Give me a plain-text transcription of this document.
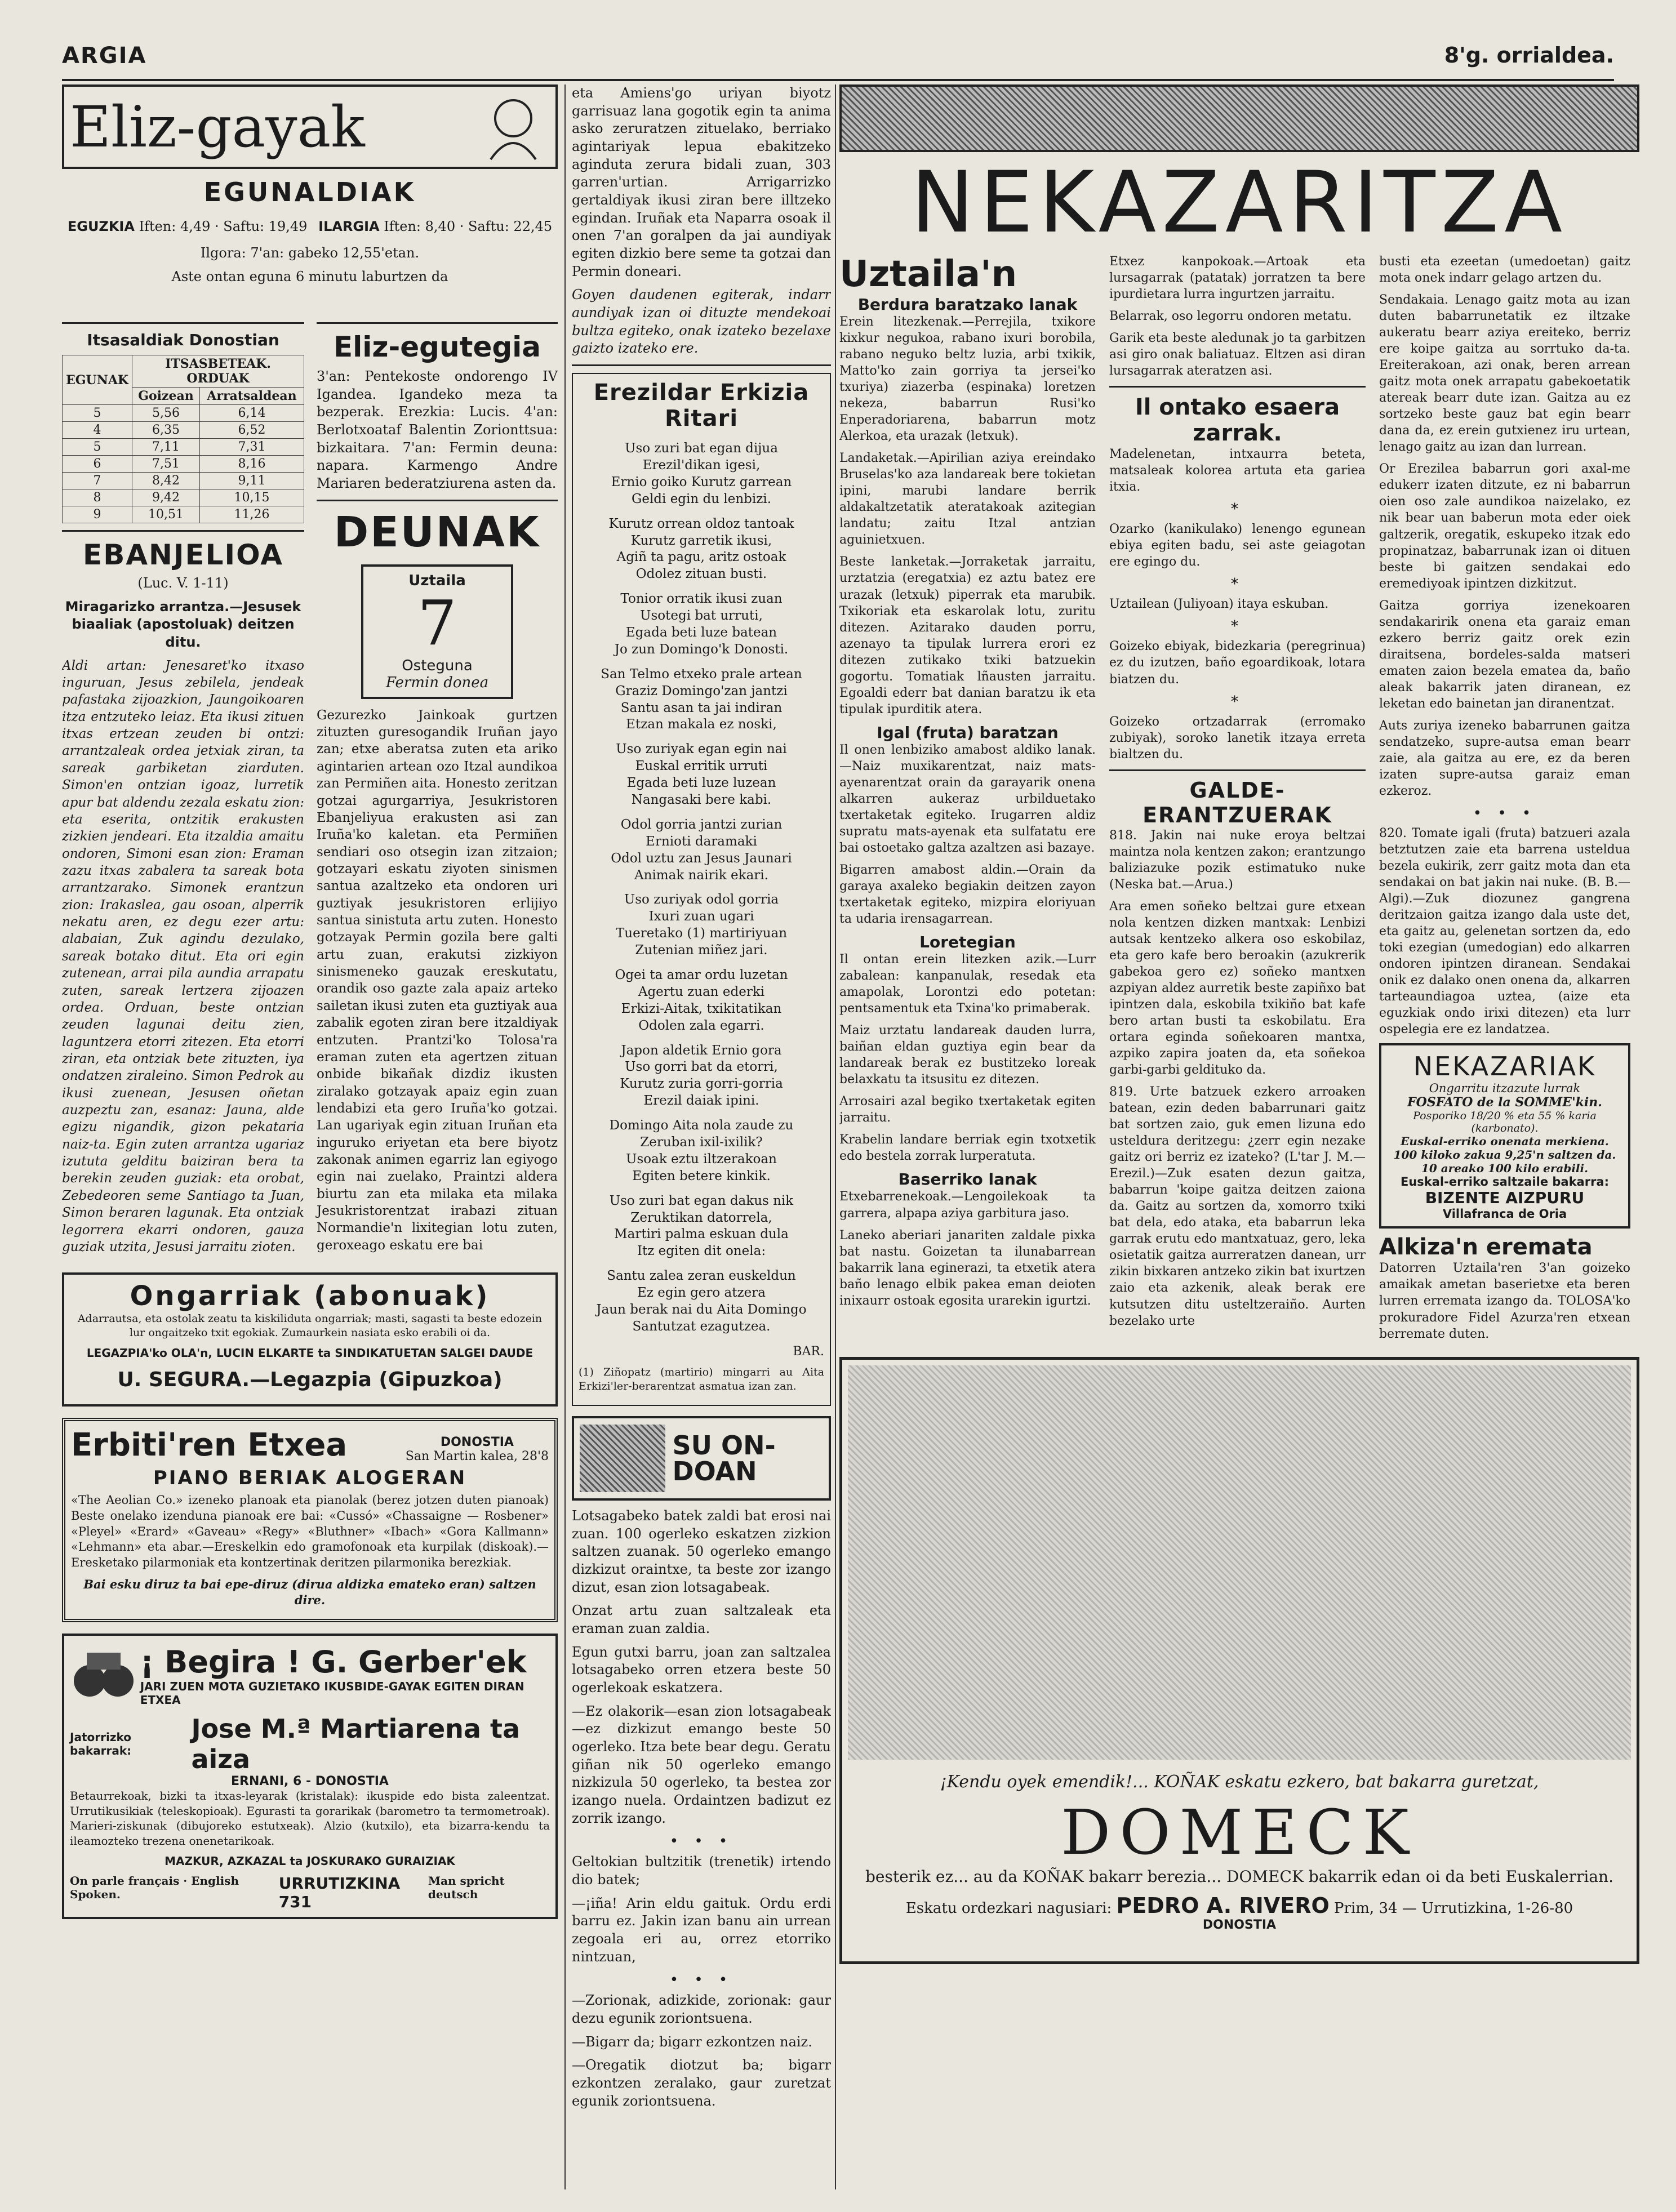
ARGIA	8'g. orrialdea.
Eliz-gayak
EGUNALDIAK
EGUZKIA Iften: 4,49 · Saftu: 19,49 ILARGIA Iften: 8,40 · Saftu: 22,45

Ilgora: 7'an: gabeko 12,55'etan.

Aste ontan eguna 6 minutu laburtzen da

Itsasaldiak Donostian
EGUNAK	ITSASBETEAK. ORDUAK	
	Goizean	Arratsaldean
5	5,56	6,14
4	6,35	6,52
5	7,11	7,31
6	7,51	8,16
7	8,42	9,11
8	9,42	10,15
9	10,51	11,26
EBANJELIOA

(Luc. V. 1-11)

Miragarizko arrantza.—Jesusek biaaliak (apostoluak) deitzen ditu.

Aldi artan: Jenesaret'ko itxaso inguruan, Jesus zebilela, jendeak pafastaka zijoazkion, Jaungoikoaren itza entzuteko leiaz. Eta ikusi zituen itxas ertzean zeuden bi ontzi: arrantzaleak ordea jetxiak ziran, ta sareak garbiketan ziarduten. Simon'en ontzian igoaz, lurretik apur bat aldendu zezala eskatu zion: eta eserita, ontzitik erakusten zizkien jendeari. Eta itzaldia amaitu ondoren, Simoni esan zion: Eraman zazu itxas zabalera ta sareak bota arrantzarako. Simonek erantzun zion: Irakaslea, gau osoan, alperrik nekatu aren, ez degu ezer artu: alabaian, Zuk agindu dezulako, sareak botako ditut. Eta ori egin zutenean, arrai pila aundia arrapatu zuten, sareak lertzera zijoazen ordea. Orduan, beste ontzian zeuden lagunai deitu zien, laguntzera etorri zitezen. Eta etorri ziran, eta ontziak bete zituzten, iya ondatzen ziraleino. Simon Pedrok au ikusi zuenean, Jesusen oñetan auzpeztu zan, esanaz: Jauna, alde egizu nigandik, gizon pekataria naiz-ta. Egin zuten arrantza ugariaz izututa gelditu baiziran bera ta berekin zeuden guziak: eta orobat, Zebedeoren seme Santiago ta Juan, Simon beraren lagunak. Eta ontziak legorrera ekarri ondoren, gauza guziak utzita, Jesusi jarraitu zioten.

Eliz-egutegia

3'an: Pentekoste ondorengo IV Igandea. Igandeko meza ta bezperak. Erezkia: Lucis. 4'an: Berlotxoataf Balentin Zorionttsua: bizkaitara. 7'an: Fermin deuna: napara. Karmengo Andre Mariaren bederatziurena asten da.

DEUNAK
Uztaila
7
Osteguna
Fermin donea

Gezurezko Jainkoak gurtzen zituzten guresogandik Iruñan jayo zan; etxe aberatsa zuten eta ariko agintarien artean ozo Itzal aundikoa zan Permiñen aita. Honesto zeritzan gotzai agurgarriya, Jesukristoren Ebanjeliyua erakusten asi zan Iruña'ko kaletan. eta Permiñen sendiari oso otsegin izan zitzaion; gotzayari eskatu ziyoten sinismen santua azaltzeko eta ondoren uri guztiyak jesukristoren erlijiyo santua sinistuta artu zuten. Honesto gotzayak Permin gozila bere galti artu zuan, erakutsi zizkiyon sinismeneko gauzak ereskutatu, orandik oso gazte zala apaiz arteko sailetan ikusi zuten eta guztiyak aua zabalik egoten ziran bere itzaldiyak entzuten. Prantzi'ko Tolosa'ra eraman zuten eta agertzen zituan onbide bikañak dizdiz ikusten ziralako gotzayak apaiz egin zuan lendabizi eta gero Iruña'ko gotzai. Lan ugariyak egin zituan Iruñan eta inguruko eriyetan eta bere biyotz zakonak animen egarriz lan egiyogo egin nai zuelako, Praintzi aldera biurtu zan eta milaka eta milaka Jesukristorentzat irabazi zituan Normandie'n lixitegian lotu zuten, geroxeago eskatu ere bai

Ongarriak (abonuak)

Adarrautsa, eta ostolak zeatu ta kiskiliduta ongarriak; masti, sagasti ta beste edozein lur ongaitzeko txit egokiak. Zumaurkein nasiata esko erabili oi da.

LEGAZPIA'ko OLA'n, LUCIN ELKARTE ta SINDIKATUETAN SALGEI DAUDE

U. SEGURA.—Legazpia (Gipuzkoa)

Erbiti'ren Etxea	DONOSTIA
San Martin kalea, 28'8
PIANO BERIAK ALOGERAN

«The Aeolian Co.» izeneko planoak eta pianolak (berez jotzen duten pianoak) Beste onelako izenduna pianoak ere bai: «Cussó» «Chassaigne — Rosbener» «Pleyel» «Erard» «Gaveau» «Regy» «Bluthner» «Ibach» «Gora Kallmann» «Lehmann» eta abar.—Ereskelkin edo gramofonoak eta kurpilak (diskoak).—Eresketako pilarmoniak eta kontzertinak deritzen pilarmonika berezkiak.

Bai esku diruz ta bai epe-diruz (dirua aldizka emateko eran) saltzen dire.

¡ Begira ! G. Gerber'ek
JARI ZUEN MOTA GUZIETAKO IKUSBIDE-GAYAK EGITEN DIRAN ETXEA
Jatorrizko bakarrak:
Jose M.ª Martiarena ta aiza
ERNANI, 6 - DONOSTIA

Betaurrekoak, bizki ta itxas-leyarak (kristalak): ikuspide edo bista zaleentzat. Urrutikusikiak (teleskopioak). Egurasti ta gorarikak (barometro ta termometroak). Marieri-ziskunak (dibujoreko estutxeak). Alzio (kutxilo), eta bizarra-kendu ta ileamozteko trezena onenetarikoak.

MAZKUR, AZKAZAL ta JOSKURAKO GURAIZIAK

On parle français · English Spoken.
URRUTIZKINA 731
Man spricht deutsch

eta Amiens'go uriyan biyotz garrisuaz lana gogotik egin ta anima asko zeruratzen zituelako, berriako agintariyak lepua ebakitzeko aginduta zerura bidali zuan, 303 garren'urtian. Arrigarrizko gertaldiyak ikusi ziran bere illtzeko egindan. Iruñak eta Naparra osoak il onen 7'an goralpen da jai aundiyak egiten dizkio bere seme ta gotzai dan Permin doneari.

Goyen daudenen egiterak, indarr aundiyak izan oi dituzte mendekoai bultza egiteko, onak izateko bezelaxe gaizto izateko ere.

Erezildar Erkizia Ritari

Uso zuri bat egan dijua

Erezil'dikan igesi,

Ernio goiko Kurutz garrean

Geldi egin du lenbizi.

Kurutz orrean oldoz tantoak

Kurutz garretik ikusi,

Agiñ ta pagu, aritz ostoak

Odolez zituan busti.

Tonior orratik ikusi zuan

Usotegi bat urruti,

Egada beti luze batean

Jo zun Domingo'k Donosti.

San Telmo etxeko prale artean

Graziz Domingo'zan jantzi

Santu asan ta jai indiran

Etzan makala ez noski,

Uso zuriyak egan egin nai

Euskal erritik urruti

Egada beti luze luzean

Nangasaki bere kabi.

Odol gorria jantzi zurian

Ernioti daramaki

Odol uztu zan Jesus Jaunari

Animak nairik ekari.

Uso zuriyak odol gorria

Ixuri zuan ugari

Tueretako (1) martiriyuan

Zutenian miñez jari.

Ogei ta amar ordu luzetan

Agertu zuan ederki

Erkizi-Aitak, txikitatikan

Odolen zala egarri.

Japon aldetik Ernio gora

Uso gorri bat da etorri,

Kurutz zuria gorri-gorria

Erezil daiak ipini.

Domingo Aita nola zaude zu

Zeruban ixil-ixilik?

Usoak eztu iltzerakoan

Egiten betere kinkik.

Uso zuri bat egan dakus nik

Zeruktikan datorrela,

Martiri palma eskuan dula

Itz egiten dit onela:

Santu zalea zeran euskeldun

Ez egin gero atzera

Jaun berak nai du Aita Domingo

Santutzat ezagutzea.

BAR.

(1) Ziñopatz (martirio) mingarri au Aita Erkizi'ler-berarentzat asmatua izan zan.

SU ON-DOAN

Lotsagabeko batek zaldi bat erosi nai zuan. 100 ogerleko eskatzen zizkion saltzen zuanak. 50 ogerleko emango dizkizut oraintxe, ta beste zor izango dizut, esan zion lotsagabeak.

Onzat artu zuan saltzaleak eta eraman zuan zaldia.

Egun gutxi barru, joan zan saltzalea lotsagabeko orren etzera beste 50 ogerlekoak eskatzera.

—Ez olakorik—esan zion lotsagabeak—ez dizkizut emango beste 50 ogerleko. Itza bete bear degu. Geratu giñan nik 50 ogerleko emango nizkizula 50 ogerleko, ta bestea zor izango nuela. Ordaintzen badizut ez zorrik izango.

• • •

Geltokian bultzitik (trenetik) irtendo dio batek;

—¡iña! Arin eldu gaituk. Ordu erdi barru ez. Jakin izan banu ain urrean zegoala eri au, orrez etorriko nintzuan,

• • •

—Zorionak, adizkide, zorionak: gaur dezu egunik zoriontsuena.

—Bigarr da; bigarr ezkontzen naiz.

—Oregatik diotzut ba; bigarr ezkontzen zeralako, gaur zuretzat egunik zoriontsuena.

NEKAZARITZA
Uztaila'n
Berdura baratzako lanak

Erein litezkenak.—Perrejila, txikore kixkur negukoa, rabano ixuri borobila, rabano neguko beltz luzia, arbi txikik, Matto'ko zain gorriya ta jersei'ko txuriya) ziazerba (espinaka) loretzen nekeza, babarrun Rusi'ko Enperadoriarena, babarrun motz Alerkoa, eta urazak (letxuk).

Landaketak.—Apirilian aziya ereindako Bruselas'ko aza landareak bere tokietan ipini, marubi landare berrik aldakaltzetatik ateratakoak azitegian landatu; zaitu Itzal antzian aguinietxuen.

Beste lanketak.—Jorraketak jarraitu, urztatzia (eregatxia) ez aztu batez ere urazak (letxuk) piperrak eta marubik. Txikoriak eta eskarolak lotu, zuritu ditezen. Azitarako dauden porru, azenayo ta tipulak lurrera erori ez ditezen zutikako txiki batzuekin gogortu. Tomatiak lñausten jarraitu. Egoaldi ederr bat danian baratzu ik eta tipulak ipurditik atera.

Igal (fruta) baratzan

Il onen lenbiziko amabost aldiko lanak.—Naiz muxikarentzat, naiz mats-ayenarentzat orain da garayarik onena alkarren aukeraz urbilduetako txertaketak egiteko. Irugarren aldiz supratu mats-ayenak eta sulfatatu ere bai ostoetako galtza azaltzen asi bazaye.

Bigarren amabost aldin.—Orain da garaya axaleko begiakin deitzen zayon txertaketak egiteko, mizpira eloriyuan ta udaria irensagarrean.

Loretegian

Il ontan erein litezken azik.—Lurr zabalean: kanpanulak, resedak eta amapolak, Lorontzi edo potetan: pentsamentuk eta Txina'ko primaberak.

Maiz urztatu landareak dauden lurra, baiñan eldan guztiya egin bear da landareak berak ez bustitzeko loreak belaxkatu ta itsusitu ez ditezen.

Arrosairi azal begiko txertaketak egiten jarraitu.

Krabelin landare berriak egin txotxetik edo bestela zorrak lurperatuta.

Baserriko lanak

Etxebarrenekoak.—Lengoilekoak ta garrera, alpapa aziya garbitura jaso.

Laneko aberiari janariten zaldale pixka bat nastu. Goizetan ta ilunabarrean bakarrik lana eginerazi, ta etxetik atera baño lenago elbik pakea eman deioten inixaurr ostoak egosita urarekin igurtzi.

Etxez kanpokoak.—Artoak eta lursagarrak (patatak) jorratzen ta bere ipurdietara lurra ingurtzen jarraitu.

Belarrak, oso legorru ondoren metatu.

Garik eta beste aledunak jo ta garbitzen asi giro onak baliatuaz. Eltzen asi diran lursagarrak ateratzen asi.

Il ontako esaera zarrak.

Madelenetan, intxaurra beteta, matsaleak kolorea artuta eta gariea itxia.

*

Ozarko (kanikulako) lenengo egunean ebiya egiten badu, sei aste geiagotan ere egingo du.

*

Uztailean (Juliyoan) itaya eskuban.

*

Goizeko ebiyak, bidezkaria (peregrinua) ez du izutzen, baño egoardikoak, lotara biatzen du.

*

Goizeko ortzadarrak (erromako zubiyak), soroko lanetik itzaya erreta bialtzen du.

GALDE-ERANTZUERAK

818. Jakin nai nuke eroya beltzai maintza nola kentzen zakon; erantzungo baliziazuke pozik estimatuko nuke (Neska bat.—Arua.)

Ara emen soñeko beltzai gure etxean nola kentzen dizken mantxak: Lenbizi autsak kentzeko alkera oso eskobilaz, eta gero kafe bero beroakin (azukrerik gabekoa gero ez) soñeko mantxen azpiyan aldez aurretik beste zapiñxo bat ipintzen dala, eskobila txikiño bat kafe bero artan busti ta eskobilatu. Era ortara eginda soñekoaren mantxa, azpiko zapira joaten da, eta soñekoa garbi-garbi geldituko da.

819. Urte batzuek ezkero arroaken batean, ezin deden babarrunari gaitz bat sortzen zaio, guk emen lizuna edo usteldura deritzegu: ¿zerr egin nezake gaitz ori berriz ez izateko? (L'tar J. M.—Erezil.)—Zuk esaten dezun gaitza, babarrun 'koipe gaitza deitzen zaiona da. Gaitz au sortzen da, xomorro txiki bat dela, edo ataka, eta babarrun leka garrak erutu edo mantxatuaz, gero, leka osietatik gaitza aurreratzen danean, urr zikin bixkaren antzeko zikin bat ixurtzen zaio eta azkenik, aleak berak ere kutsutzen ditu usteltzeraiño. Aurten bezelako urte

busti eta ezeetan (umedoetan) gaitz mota onek indarr gelago artzen du.

Sendakaia. Lenago gaitz mota au izan duten babarrunetatik ez iltzake aukeratu bearr aziya ereiteko, berriz ere koipe gaitza au sorrtuko da-ta. Ereiterakoan, azi onak, beren arrean gaitz mota onek arrapatu gabekoetatik atereak bearr dute izan. Gaitza au ez sortzeko beste gauz bat egin bearr dana da, ez erein gutxienez iru urtean, lenago gaitz au izan dan lurrean.

Or Erezilea babarrun gori axal-me edukerr izaten ditzute, ez ni babarrun oien oso zale aundikoa naizelako, ez nik bear uan baberun mota eder oiek galtzerik, oregatik, eskupeko itzak edo propinatzaz, babarrunak izan oi dituen beste bi gaitzen sendakai edo eremediyoak ipintzen dizkitzut.

Gaitza gorriya izenekoaren sendakaririk onena eta garaiz eman ezkero berriz gaitz orek ezin diraitsena, bordeles-salda matseri ematen zaion bezela ematea da, baño aleak bakarrik jaten diranean, ez leketan edo bainetan jan diranentzat.

Auts zuriya izeneko babarrunen gaitza sendatzeko, supre-autsa eman bearr zaie, ala gaitza au ere, ez da beren izaten supre-autsa garaiz eman ezkeroz.

• • •

820. Tomate igali (fruta) batzueri azala betztutzen zaie eta barrena usteldua bezela eukirik, zerr gaitz mota dan eta sendakai on bat jakin nai nuke. (B. B.—Algi).—Zuk diozunez gangrena deritzaion gaitza izango dala uste det, eta gaitz au, gelenetan sortzen da, edo toki ezegian (umedogian) edo alkarren ondoren ipintzen diranean. Sendakai onik ez dalako onen onena da, alkarren tarteaundiagoa uztea, (aize eta eguzkiak ondo irixi ditezen) eta lurr ospelegia ere ez landatzea.

NEKAZARIAK
Ongarritu itzazute lurrak
FOSFATO de la SOMME'kin.
Posporiko 18/20 % eta 55 % karia (karbonato).
Euskal-erriko onenata merkiena.
100 kiloko zakua 9,25'n saltzen da. 10 areako 100 kilo erabili.
Euskal-erriko saltzaile bakarra:
BIZENTE AIZPURU
Villafranca de Oria
Alkiza'n eremata

Datorren Uztaila'ren 3'an goizeko amaikak ametan baserietxe eta beren lurren erremata izango da. TOLOSA'ko prokuradore Fidel Azurza'ren etxean berremate duten.

¡Kendu oyek emendik!... KOÑAK eskatu ezkero, bat bakarra guretzat,

DOMECK

besterik ez... au da KOÑAK bakarr berezia... DOMECK bakarrik edan oi da beti Euskalerrian.

Eskatu ordezkari nagusiari: PEDRO A. RIVERO Prim, 34 — Urrutizkina, 1-26-80
DONOSTIA
